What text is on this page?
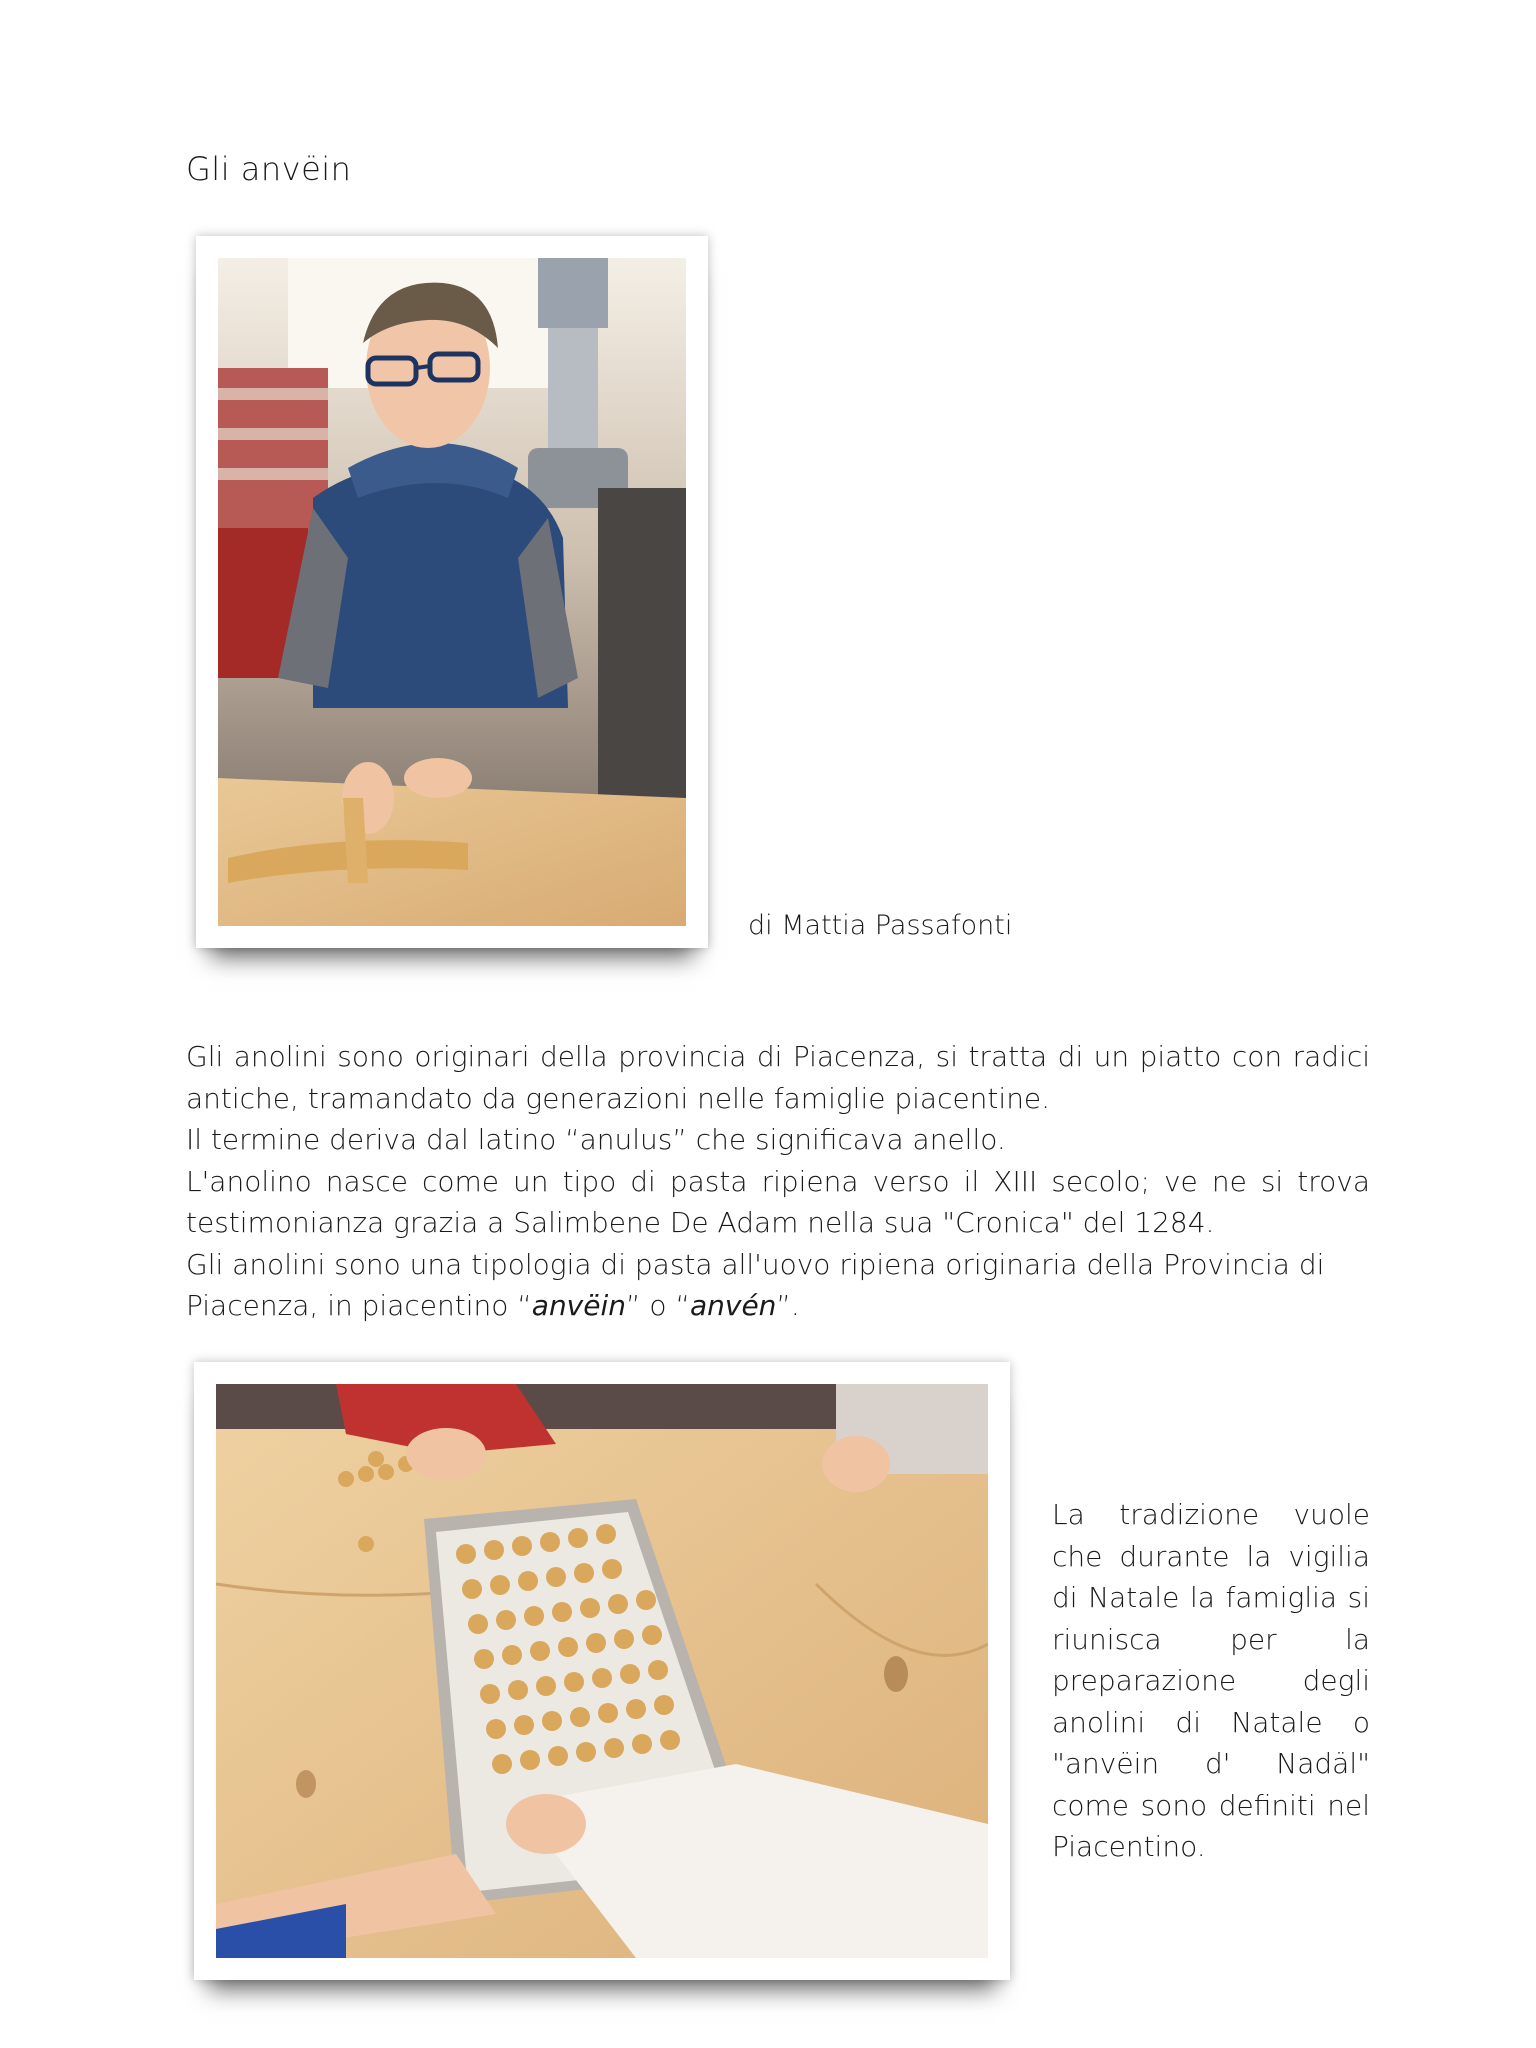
Gli anvëin
di Mattia Passafonti

Gli anolini sono originari della provincia di Piacenza, si tratta di un piatto con radici antiche, tramandato da generazioni nelle famiglie piacentine.

Il termine deriva dal latino “anulus” che significava anello.

L'anolino nasce come un tipo di pasta ripiena verso il XIII secolo; ve ne si trova testimonianza grazia a Salimbene De Adam nella sua "Cronica" del 1284.

Gli anolini sono una tipologia di pasta all'uovo ripiena originaria della Provincia di Piacenza, in piacentino “anvëin” o “anvén”.

La tradizione vuole che durante la vigilia di Natale la famiglia si riunisca per la preparazione degli anolini di Natale o "anvëin d' Nadäl" come sono definiti nel Piacentino.
